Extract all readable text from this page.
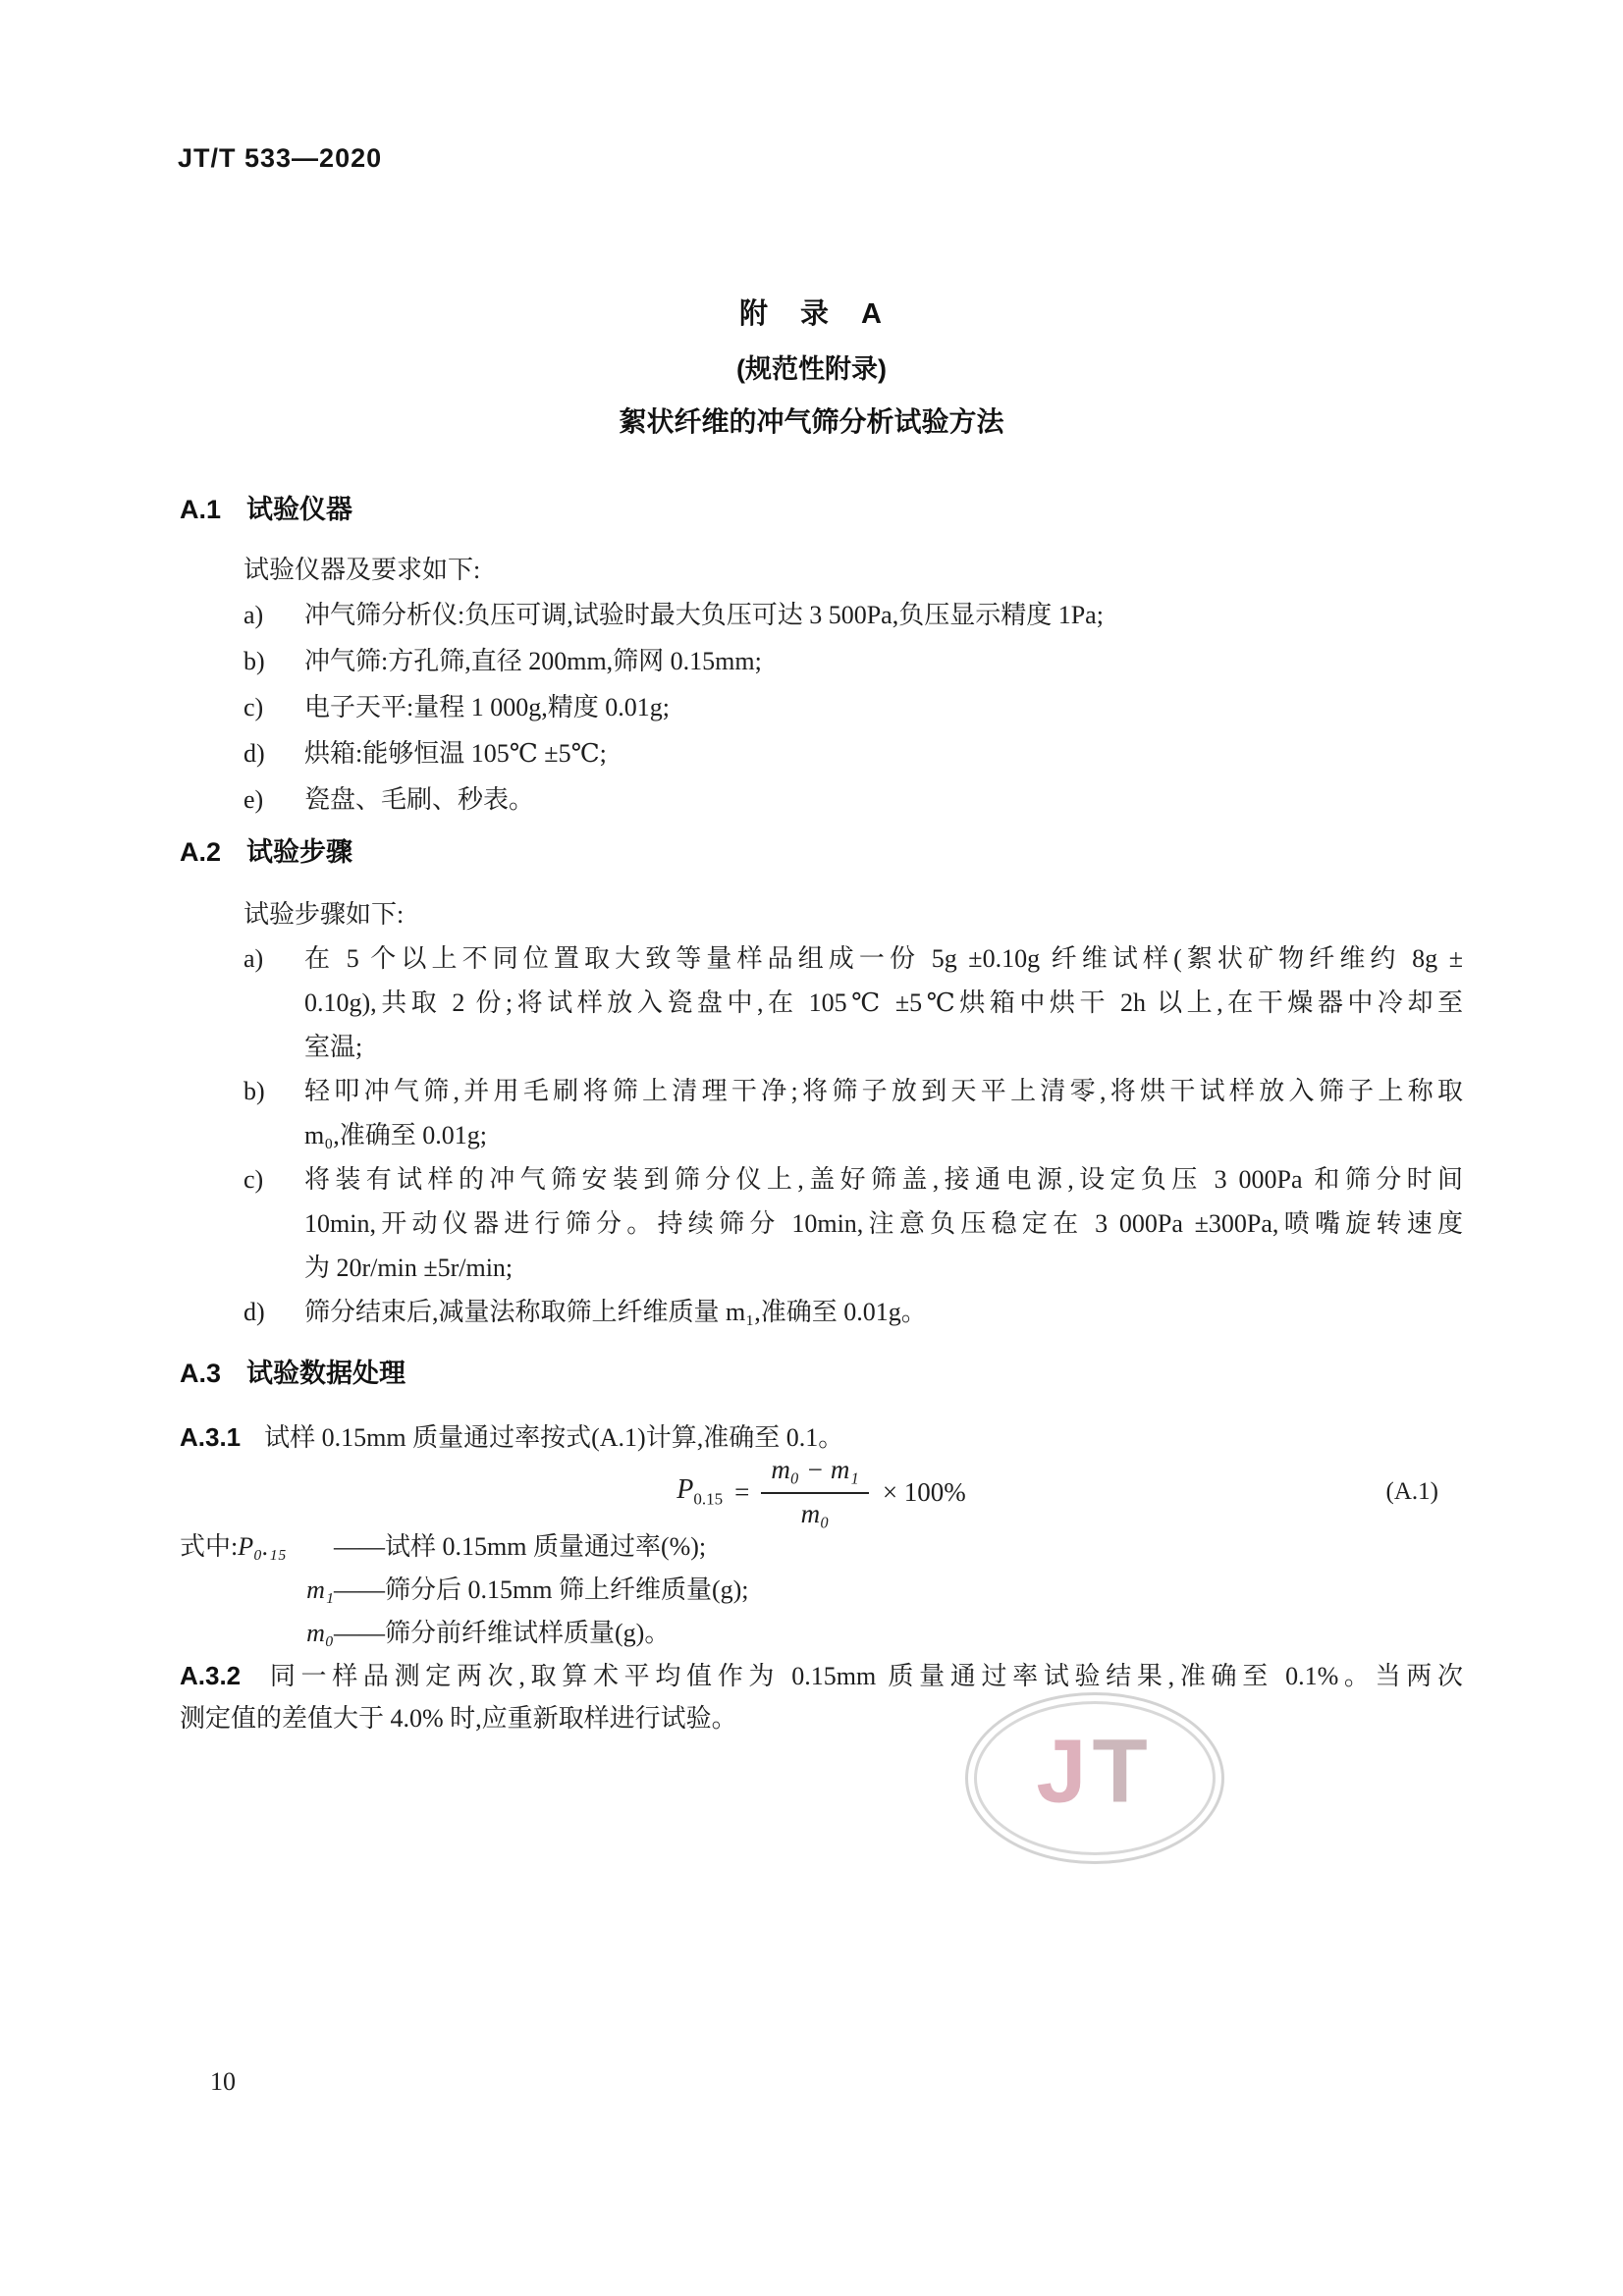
JT/T 533—2020
附　录　A
(规范性附录)
絮状纤维的冲气筛分析试验方法
A.1 试验仪器
试验仪器及要求如下:
a)	冲气筛分析仪:负压可调,试验时最大负压可达 3 500Pa,负压显示精度 1Pa;
b)	冲气筛:方孔筛,直径 200mm,筛网 0.15mm;
c)	电子天平:量程 1 000g,精度 0.01g;
d)	烘箱:能够恒温 105℃ ±5℃;
e)	瓷盘、毛刷、秒表。
A.2 试验步骤
试验步骤如下:
a)	在 5 个以上不同位置取大致等量样品组成一份 5g ±0.10g 纤维试样(絮状矿物纤维约 8g ±
0.10g),共取 2 份;将试样放入瓷盘中,在 105℃ ±5℃烘箱中烘干 2h 以上,在干燥器中冷却至
室温;
b)	轻叩冲气筛,并用毛刷将筛上清理干净;将筛子放到天平上清零,将烘干试样放入筛子上称取
m₀,准确至 0.01g;
c)	将装有试样的冲气筛安装到筛分仪上,盖好筛盖,接通电源,设定负压 3 000Pa 和筛分时间
10min,开动仪器进行筛分。持续筛分 10min,注意负压稳定在 3 000Pa ±300Pa,喷嘴旋转速度
为 20r/min ±5r/min;
d)	筛分结束后,减量法称取筛上纤维质量 m₁,准确至 0.01g。
A.3 试验数据处理
A.3.1 试样 0.15mm 质量通过率按式(A.1)计算,准确至 0.1。
$P_{0.15} = \frac{\text{m₀ − m₁}}{\text{m₀}} \times 100\%$	(A.1)
式中: P₀.₁₅ —— 试样 0.15mm 质量通过率(%);
m₁ —— 筛分后 0.15mm 筛上纤维质量(g);
m₀ —— 筛分前纤维试样质量(g)。
A.3.2 同一样品测定两次,取算术平均值作为 0.15mm 质量通过率试验结果,准确至 0.1%。当两次
测定值的差值大于 4.0% 时,应重新取样进行试验。
JT
10
